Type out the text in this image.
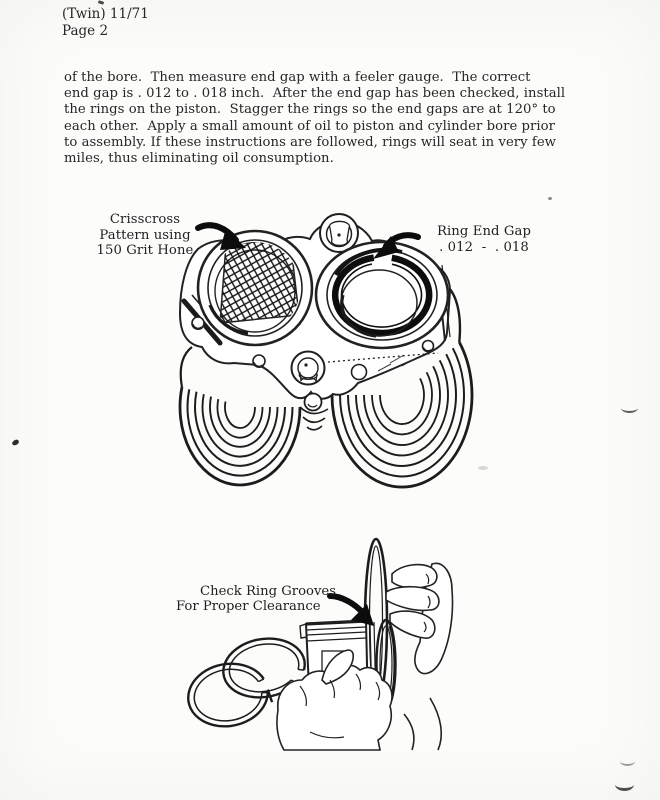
(Twin) 11/71
Page 2
of the bore.  Then measure end gap with a feeler gauge.  The correct
end gap is . 012 to . 018 inch.  After the end gap has been checked, install
the rings on the piston.  Stagger the rings so the end gaps are at 120° to
each other.  Apply a small amount of oil to piston and cylinder bore prior
to assembly. If these instructions are followed, rings will seat in very few
miles, thus eliminating oil consumption.
Crisscross
Pattern using
150 Grit Hone
Ring End Gap
. 012  -  . 018
Check Ring Grooves
For Proper Clearance
